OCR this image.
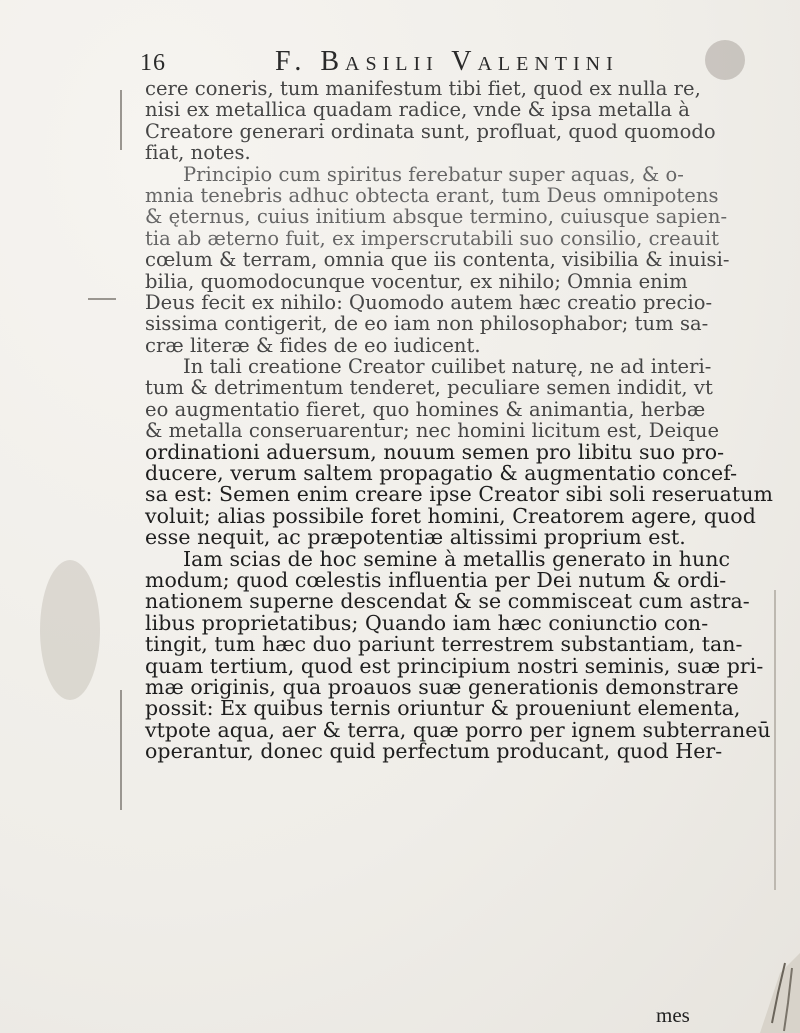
16	F. Basilii Valentini
cere coneris, tum manifestum tibi fiet, quod ex nulla re,
nisi ex metallica quadam radice, vnde & ipsa metalla à
Creatore generari ordinata sunt, profluat, quod quomodo
fiat, notes.
Principio cum spiritus ferebatur super aquas, & o-
mnia tenebris adhuc obtecta erant, tum Deus omnipotens
& ęternus, cuius initium absque termino, cuiusque sapien-
tia ab æterno fuit, ex imperscrutabili suo consilio, creauit
cœlum & terram, omnia que iis contenta, visibilia & inuisi-
bilia, quomodocunque vocentur, ex nihilo; Omnia enim
Deus fecit ex nihilo: Quomodo autem hæc creatio precio-
sissima contigerit, de eo iam non philosophabor; tum sa-
cræ literæ & fides de eo iudicent.
In tali creatione Creator cuilibet naturę, ne ad interi-
tum & detrimentum tenderet, peculiare semen indidit, vt
eo augmentatio fieret, quo homines & animantia, herbæ
& metalla conseruarentur; nec homini licitum est, Deique
ordinationi aduersum, nouum semen pro libitu suo pro-
ducere, verum saltem propagatio & augmentatio concef-
sa est: Semen enim creare ipse Creator sibi soli reseruatum
voluit; alias possibile foret homini, Creatorem agere, quod
esse nequit, ac præpotentiæ altissimi proprium est.
Iam scias de hoc semine à metallis generato in hunc
modum; quod cœlestis influentia per Dei nutum & ordi-
nationem superne descendat & se commisceat cum astra-
libus proprietatibus; Quando iam hæc coniunctio con-
tingit, tum hæc duo pariunt terrestrem substantiam, tan-
quam tertium, quod est principium nostri seminis, suæ pri-
mæ originis, qua proauos suæ generationis demonstrare
possit: Ex quibus ternis oriuntur & proueniunt elementa,
vtpote aqua, aer & terra, quæ porro per ignem subterraneū
operantur, donec quid perfectum producant, quod Her-
mes
